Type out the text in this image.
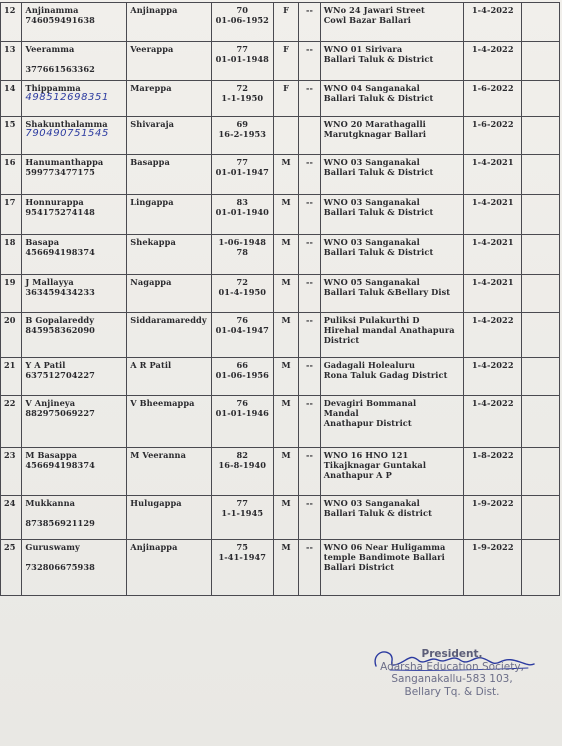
12	Anjinamma
746059491638	Anjinappa	70
01-06-1952	F	--	WNo 24 Jawari Street
Cowl Bazar Ballari	1-4-2022	

13	Veeramma
377661563362	Veerappa	77
01-01-1948	F	--	WNO 01 Sirivara
Ballari Taluk & District	1-4-2022	

14	Thippamma
498512698351	Mareppa	72
1-1-1950	F	--	WNO 04 Sanganakal
Ballari Taluk & District	1-6-2022	

15	Shakunthalamma
790490751545	Shivaraja	69
16-2-1953			WNO 20 Marathagalli
Marutgknagar Ballari	1-6-2022	

16	Hanumanthappa
599773477175	Basappa	77
01-01-1947	M	--	WNO 03 Sanganakal
Ballari Taluk & District	1-4-2021	

17	Honnurappa
954175274148	Lingappa	83
01-01-1940	M	--	WNO 03 Sanganakal
Ballari Taluk & District	1-4-2021	

18	Basapa
456694198374	Shekappa	1-06-1948
78	M	--	WNO 03 Sanganakal
Ballari Taluk & District	1-4-2021	

19	J Mallayya
363459434233	Nagappa	72
01-4-1950	M	--	WNO 05 Sanganakal
Ballari Taluk &Bellary Dist	1-4-2021	

20	B Gopalareddy
845958362090	Siddaramareddy	76
01-04-1947	M	--	Puliksi Pulakurthi D
Hirehal mandal Anathapura
District	1-4-2022	

21	Y A Patil
637512704227	A R Patil	66
01-06-1956	M	--	Gadagali Holealuru
Rona Taluk Gadag District	1-4-2022	

22	V Anjineya
882975069227	V Bheemappa	76
01-01-1946	M	--	Devagiri Bommanal
Mandal
Anathapur District	1-4-2022	

23	M Basappa
456694198374	M Veeranna	82
16-8-1940	M	--	WNO 16 HNO 121
Tikajknagar Guntakal
Anathapur A P	1-8-2022	

24	Mukkanna
873856921129	Hulugappa	77
1-1-1945	M	--	WNO 03 Sanganakal
Ballari Taluk & district	1-9-2022	

25	Guruswamy
732806675938	Anjinappa	75
1-41-1947	M	--	WNO 06 Near Huligamma
temple Bandimote Ballari
Ballari District	1-9-2022	

President,
Adarsha Education Society,
Sanganakallu-583 103,
Bellary Tq. & Dist.
